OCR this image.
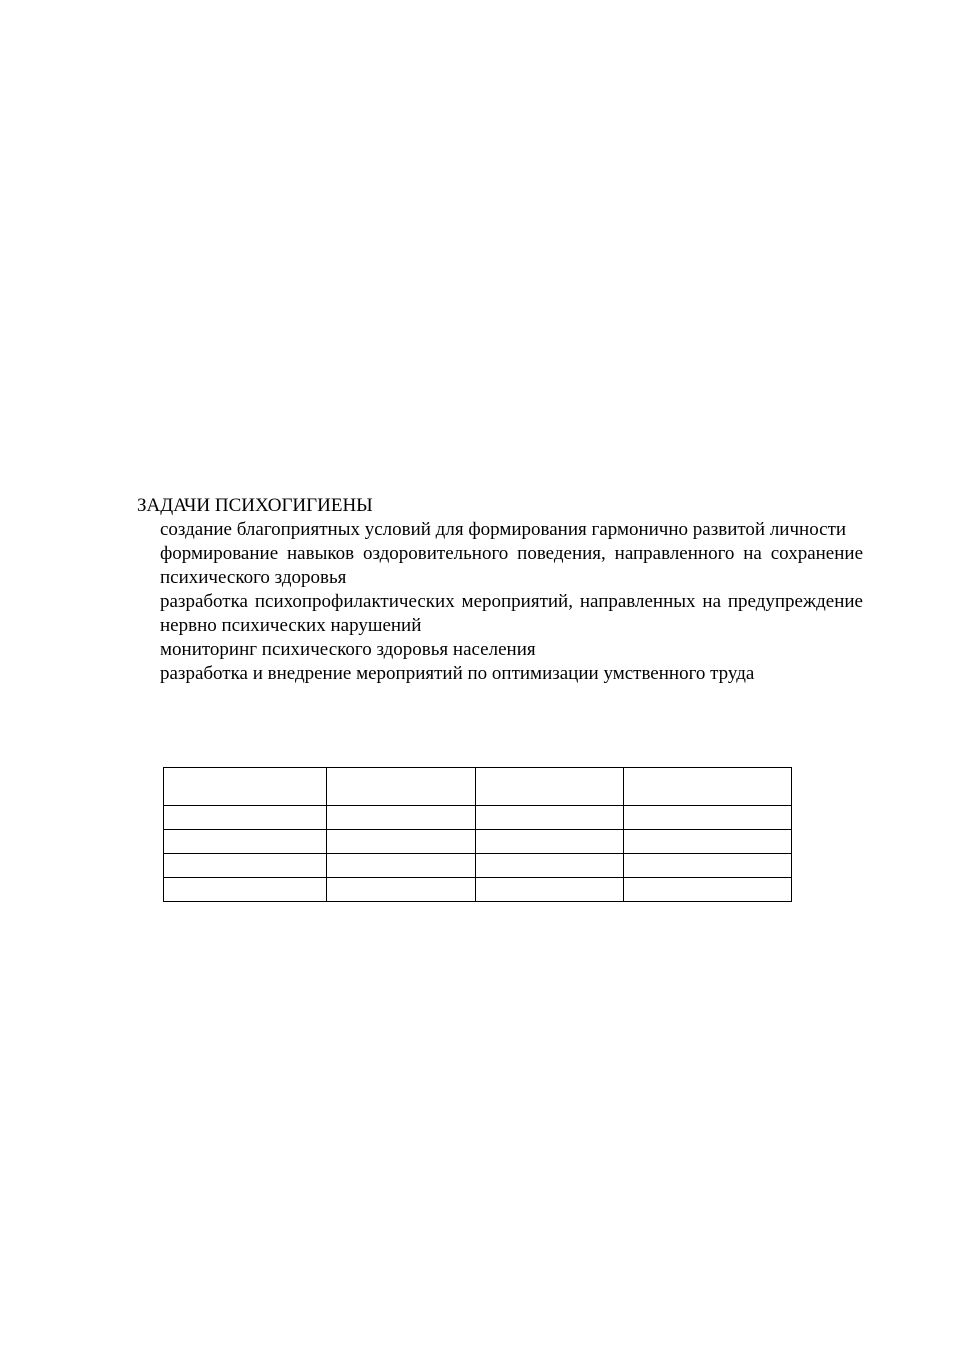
ЗАДАЧИ ПСИХОГИГИЕНЫ
создание благоприятных условий для формирования гармонично развитой личности
формирование навыков оздоровительного поведения, направленного на сохранение психического здоровья
разработка психопрофилактических мероприятий, направленных на предупреждение нервно психических нарушений
мониторинг психического здоровья населения
разработка и внедрение мероприятий по оптимизации умственного труда
